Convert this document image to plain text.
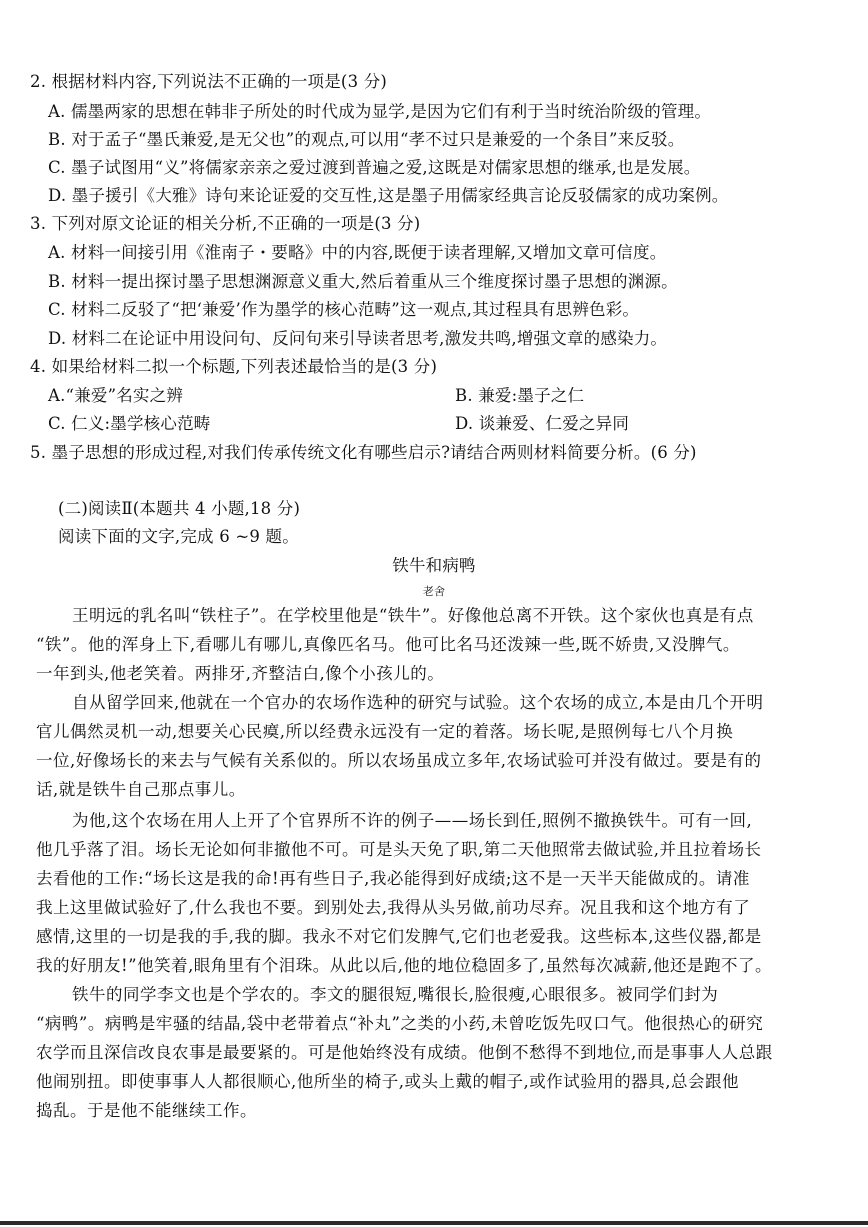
2. 根据材料内容,下列说法不正确的一项是(3 分)
A. 儒墨两家的思想在韩非子所处的时代成为显学,是因为它们有利于当时统治阶级的管理。
B. 对于孟子“墨氏兼爱,是无父也”的观点,可以用“孝不过只是兼爱的一个条目”来反驳。
C. 墨子试图用“义”将儒家亲亲之爱过渡到普遍之爱,这既是对儒家思想的继承,也是发展。
D. 墨子援引《大雅》诗句来论证爱的交互性,这是墨子用儒家经典言论反驳儒家的成功案例。
3. 下列对原文论证的相关分析,不正确的一项是(3 分)
A. 材料一间接引用《淮南子・要略》中的内容,既便于读者理解,又增加文章可信度。
B. 材料一提出探讨墨子思想渊源意义重大,然后着重从三个维度探讨墨子思想的渊源。
C. 材料二反驳了“把‘兼爱’作为墨学的核心范畴”这一观点,其过程具有思辨色彩。
D. 材料二在论证中用设问句、反问句来引导读者思考,激发共鸣,增强文章的感染力。
4. 如果给材料二拟一个标题,下列表述最恰当的是(3 分)
A.“兼爱”名实之辨	B. 兼爱:墨子之仁
C. 仁义:墨学核心范畴	D. 谈兼爱、仁爱之异同
5. 墨子思想的形成过程,对我们传承传统文化有哪些启示?请结合两则材料简要分析。(6 分)
(二)阅读Ⅱ(本题共 4 小题,18 分)
阅读下面的文字,完成 6 ~9 题。
铁牛和病鸭
老舍
王明远的乳名叫“铁柱子”。在学校里他是“铁牛”。好像他总离不开铁。这个家伙也真是有点
“铁”。他的浑身上下,看哪儿有哪儿,真像匹名马。他可比名马还泼辣一些,既不娇贵,又没脾气。
一年到头,他老笑着。两排牙,齐整洁白,像个小孩儿的。
自从留学回来,他就在一个官办的农场作选种的研究与试验。这个农场的成立,本是由几个开明
官儿偶然灵机一动,想要关心民瘼,所以经费永远没有一定的着落。场长呢,是照例每七八个月换
一位,好像场长的来去与气候有关系似的。所以农场虽成立多年,农场试验可并没有做过。要是有的
话,就是铁牛自己那点事儿。
为他,这个农场在用人上开了个官界所不许的例子——场长到任,照例不撤换铁牛。可有一回,
他几乎落了泪。场长无论如何非撤他不可。可是头天免了职,第二天他照常去做试验,并且拉着场长
去看他的工作:“场长这是我的命!再有些日子,我必能得到好成绩;这不是一天半天能做成的。请准
我上这里做试验好了,什么我也不要。到别处去,我得从头另做,前功尽弃。况且我和这个地方有了
感情,这里的一切是我的手,我的脚。我永不对它们发脾气,它们也老爱我。这些标本,这些仪器,都是
我的好朋友!”他笑着,眼角里有个泪珠。从此以后,他的地位稳固多了,虽然每次减薪,他还是跑不了。
铁牛的同学李文也是个学农的。李文的腿很短,嘴很长,脸很瘦,心眼很多。被同学们封为
“病鸭”。病鸭是牢骚的结晶,袋中老带着点“补丸”之类的小药,未曾吃饭先叹口气。他很热心的研究
农学而且深信改良农事是最要紧的。可是他始终没有成绩。他倒不愁得不到地位,而是事事人人总跟
他闹别扭。即使事事人人都很顺心,他所坐的椅子,或头上戴的帽子,或作试验用的器具,总会跟他
捣乱。于是他不能继续工作。
